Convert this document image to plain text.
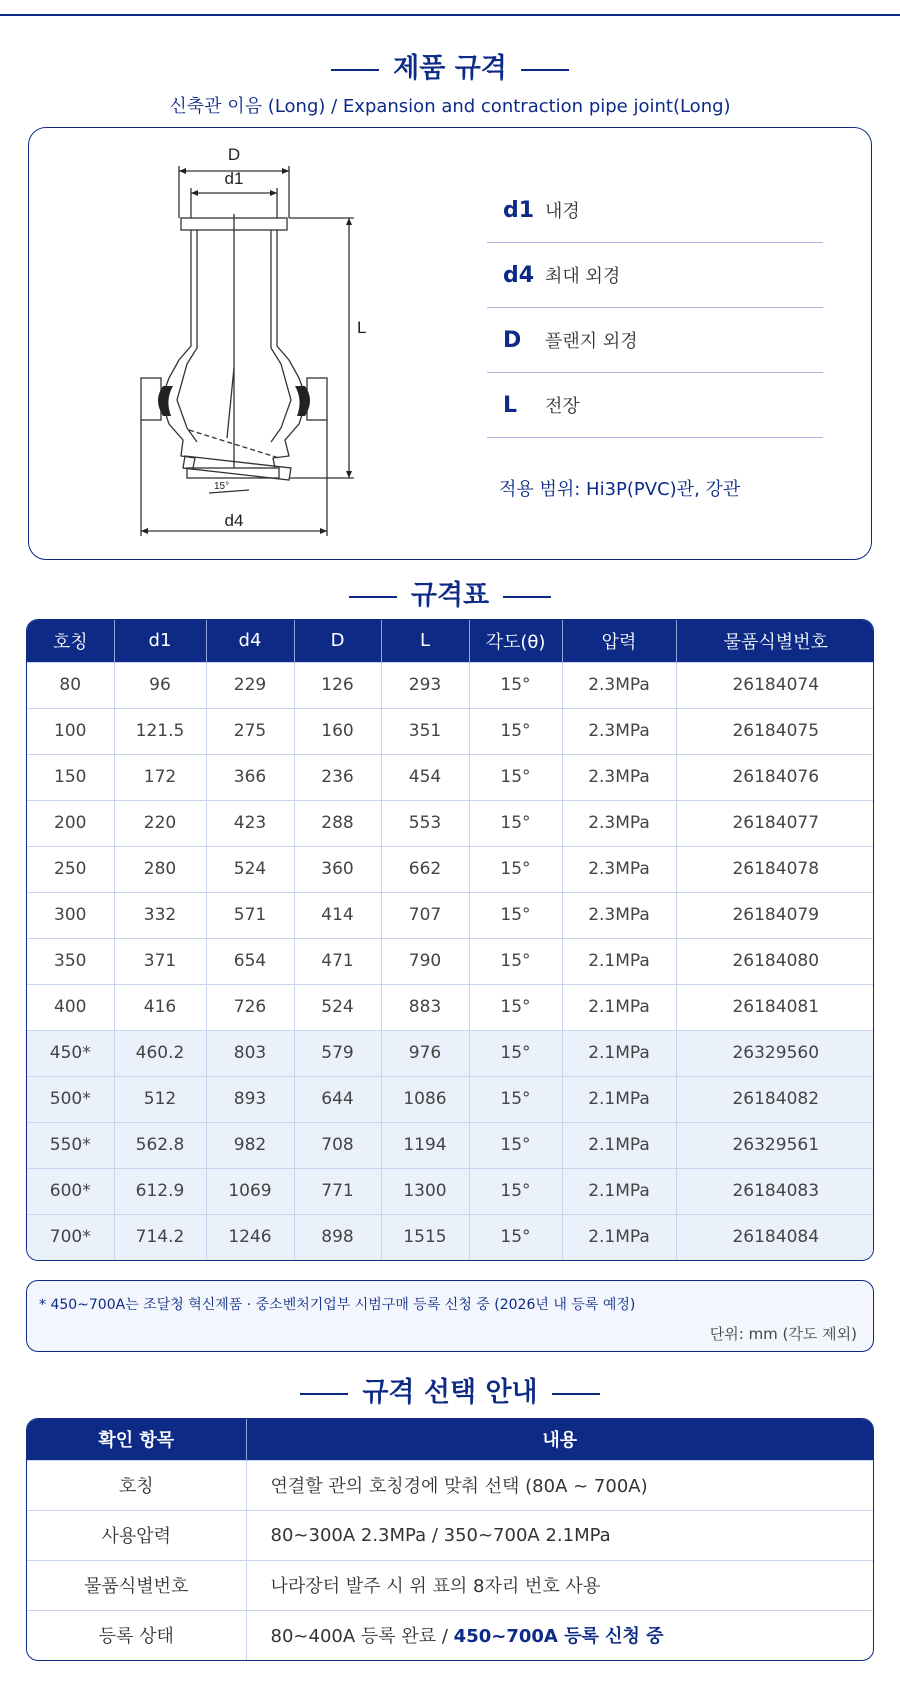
제품 규격
신축관 이음 (Long) / Expansion and contraction pipe joint(Long)
D
d1
L
15°
d4
d1 내경
d4 최대 외경
D	플랜지 외경
L	전장
적용 범위: Hi3P(PVC)관, 강관
규격표
호칭	d1	d4	D	L	각도(θ)	압력	물품식별번호
80	96	229	126	293	15°	2.3MPa	26184074
100	121.5	275	160	351	15°	2.3MPa	26184075
150	172	366	236	454	15°	2.3MPa	26184076
200	220	423	288	553	15°	2.3MPa	26184077
250	280	524	360	662	15°	2.3MPa	26184078
300	332	571	414	707	15°	2.3MPa	26184079
350	371	654	471	790	15°	2.1MPa	26184080
400	416	726	524	883	15°	2.1MPa	26184081
450*	460.2	803	579	976	15°	2.1MPa	26329560
500*	512	893	644	1086	15°	2.1MPa	26184082
550*	562.8	982	708	1194	15°	2.1MPa	26329561
600*	612.9	1069	771	1300	15°	2.1MPa	26184083
700*	714.2	1246	898	1515	15°	2.1MPa	26184084
* 450~700A는 조달청 혁신제품 · 중소벤처기업부 시범구매 등록 신청 중 (2026년 내 등록 예정)
단위: mm (각도 제외)
규격 선택 안내
확인 항목	내용
호칭	연결할 관의 호칭경에 맞춰 선택 (80A ~ 700A)
사용압력	80~300A 2.3MPa / 350~700A 2.1MPa
물품식별번호	나라장터 발주 시 위 표의 8자리 번호 사용
등록 상태	80~400A 등록 완료 / 450~700A 등록 신청 중
